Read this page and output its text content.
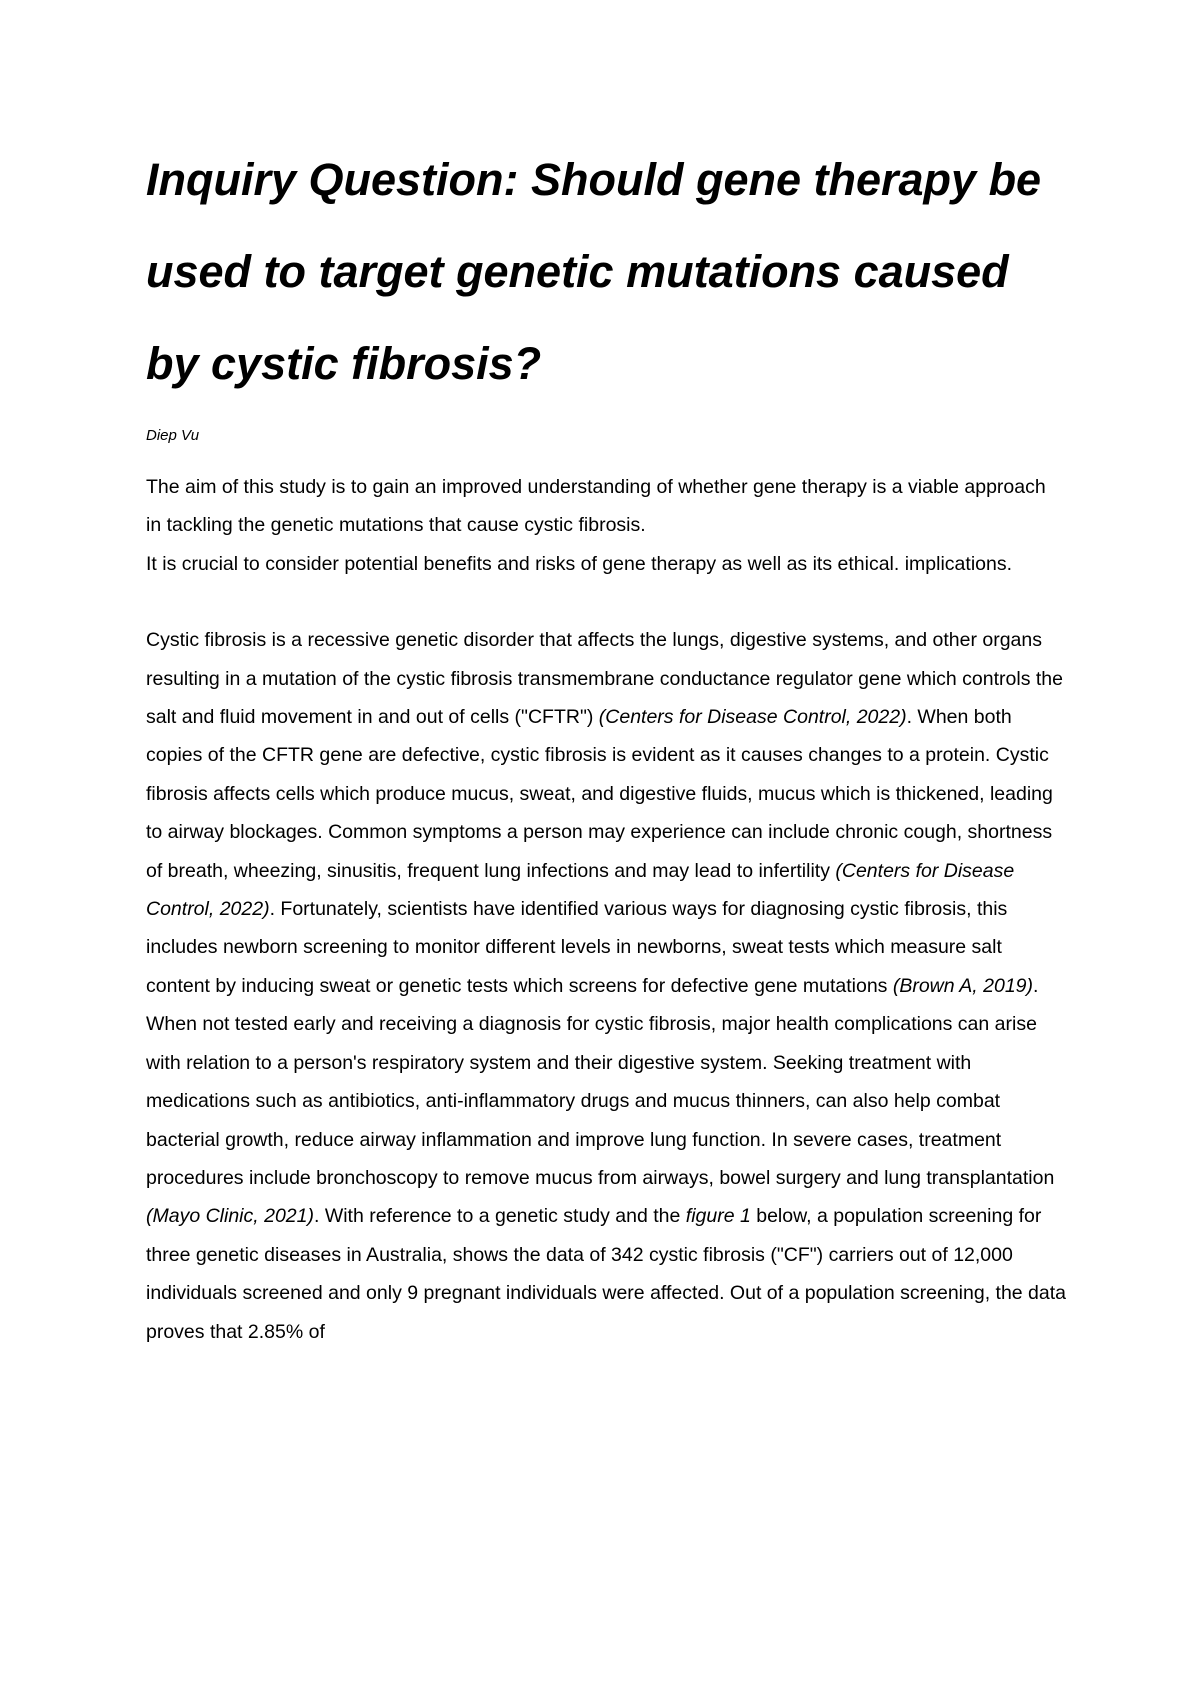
Inquiry Question: Should gene therapy be used to target genetic mutations caused by cystic fibrosis?

Diep Vu

The aim of this study is to gain an improved understanding of whether gene therapy is a viable approach in tackling the genetic mutations that cause cystic fibrosis.

It is crucial to consider potential benefits and risks of gene therapy as well as its ethical. implications.

Cystic fibrosis is a recessive genetic disorder that affects the lungs, digestive systems, and other organs resulting in a mutation of the cystic fibrosis transmembrane conductance regulator gene which controls the salt and fluid movement in and out of cells ("CFTR") (Centers for Disease Control, 2022). When both copies of the CFTR gene are defective, cystic fibrosis is evident as it causes changes to a protein. Cystic fibrosis affects cells which produce mucus, sweat, and digestive fluids, mucus which is thickened, leading to airway blockages. Common symptoms a person may experience can include chronic cough, shortness of breath, wheezing, sinusitis, frequent lung infections and may lead to infertility (Centers for Disease Control, 2022). Fortunately, scientists have identified various ways for diagnosing cystic fibrosis, this includes newborn screening to monitor different levels in newborns, sweat tests which measure salt content by inducing sweat or genetic tests which screens for defective gene mutations (Brown A, 2019). When not tested early and receiving a diagnosis for cystic fibrosis, major health complications can arise with relation to a person's respiratory system and their digestive system. Seeking treatment with medications such as antibiotics, anti-inflammatory drugs and mucus thinners, can also help combat bacterial growth, reduce airway inflammation and improve lung function. In severe cases, treatment procedures include bronchoscopy to remove mucus from airways, bowel surgery and lung transplantation (Mayo Clinic, 2021). With reference to a genetic study and the figure 1 below, a population screening for three genetic diseases in Australia, shows the data of 342 cystic fibrosis ("CF") carriers out of 12,000 individuals screened and only 9 pregnant individuals were affected. Out of a population screening, the data proves that 2.85% of
